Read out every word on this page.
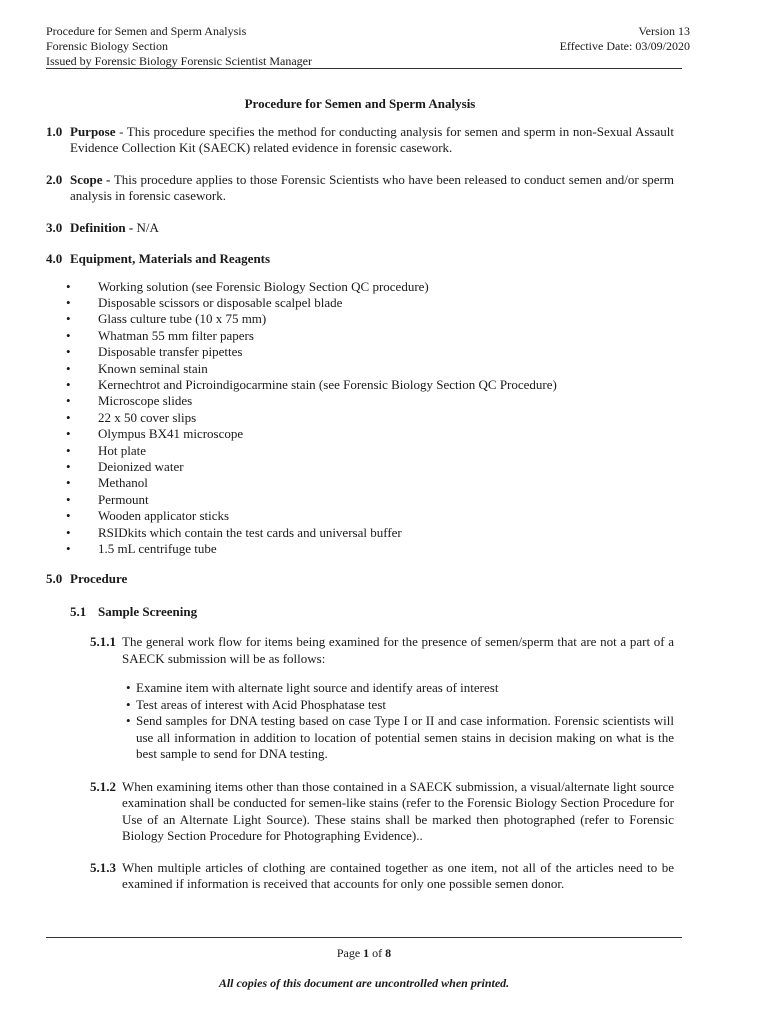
Procedure for Semen and Sperm Analysis
Forensic Biology Section
Issued by Forensic Biology Forensic Scientist Manager
Version 13
Effective Date: 03/09/2020
Procedure for Semen and Sperm Analysis
1.0 Purpose - This procedure specifies the method for conducting analysis for semen and sperm in non-Sexual Assault Evidence Collection Kit (SAECK) related evidence in forensic casework.
2.0 Scope - This procedure applies to those Forensic Scientists who have been released to conduct semen and/or sperm analysis in forensic casework.
3.0 Definition - N/A
4.0 Equipment, Materials and Reagents
•	Working solution (see Forensic Biology Section QC procedure)
•	Disposable scissors or disposable scalpel blade
•	Glass culture tube (10 x 75 mm)
•	Whatman 55 mm filter papers
•	Disposable transfer pipettes
•	Known seminal stain
•	Kernechtrot and Picroindigocarmine stain (see Forensic Biology Section QC Procedure)
•	Microscope slides
•	22 x 50 cover slips
•	Olympus BX41 microscope
•	Hot plate
•	Deionized water
•	Methanol
•	Permount
•	Wooden applicator sticks
•	RSIDkits which contain the test cards and universal buffer
•	1.5 mL centrifuge tube
5.0 Procedure
5.1 Sample Screening
5.1.1 The general work flow for items being examined for the presence of semen/sperm that are not a part of a SAECK submission will be as follows:
• Examine item with alternate light source and identify areas of interest
• Test areas of interest with Acid Phosphatase test
• Send samples for DNA testing based on case Type I or II and case information. Forensic scientists will use all information in addition to location of potential semen stains in decision making on what is the best sample to send for DNA testing.
5.1.2 When examining items other than those contained in a SAECK submission, a visual/alternate light source examination shall be conducted for semen-like stains (refer to the Forensic Biology Section Procedure for Use of an Alternate Light Source). These stains shall be marked then photographed (refer to Forensic Biology Section Procedure for Photographing Evidence)..
5.1.3 When multiple articles of clothing are contained together as one item, not all of the articles need to be examined if information is received that accounts for only one possible semen donor.
Page 1 of 8
All copies of this document are uncontrolled when printed.
